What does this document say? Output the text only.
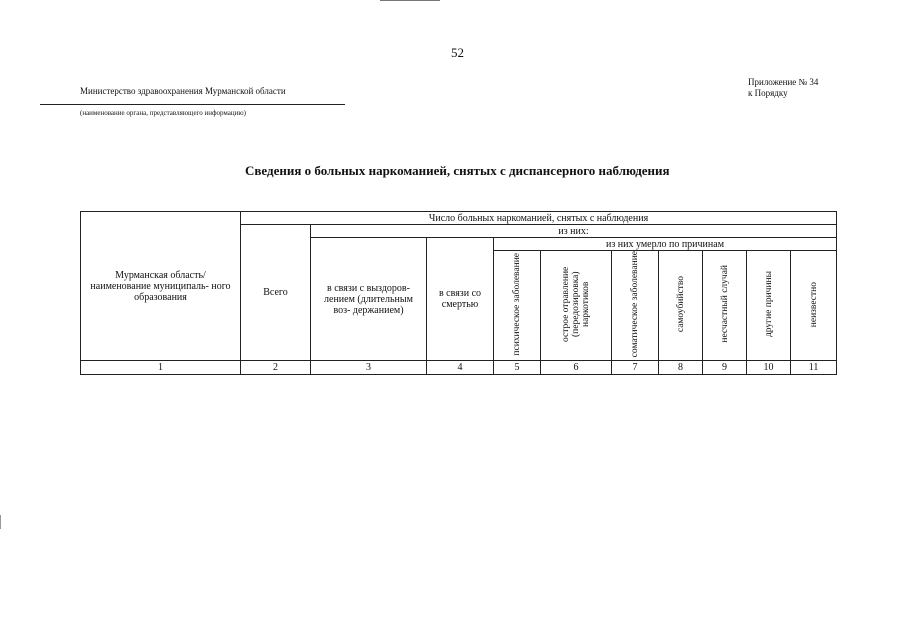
52
Министерство здравоохранения Мурманской области
(наименование органа, представляющего информацию)
Приложение № 34
к Порядку
Сведения о больных наркоманией, снятых с диспансерного наблюдения
Мурманская область/ наименование муниципаль- ного образования	Число больных наркоманией, снятых с наблюдения									
	Всего	из них:								
		в связи с выздоров- лением (длительным воз- держанием)	в связи со смертью	из них умерло по причинам						
				психическое заболевание	острое отравление (передозировка) наркотиков	соматическое заболевание	самоубийство	несчастный случай	другие причины	неизвестно
1	2	3	4	5	6	7	8	9	10	11
